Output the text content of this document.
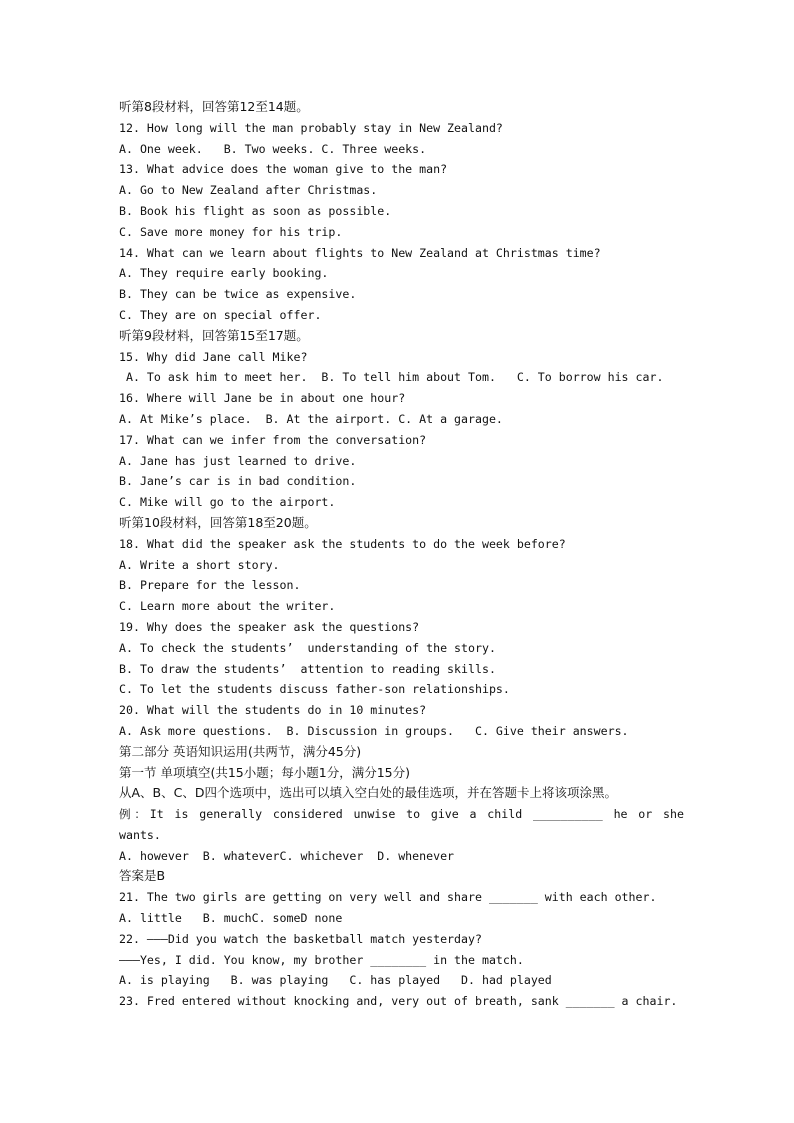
听第8段材料，回答第12至14题。
12. How long will the man probably stay in New Zealand?
A. One week.   B. Two weeks. C. Three weeks.
13. What advice does the woman give to the man?
A. Go to New Zealand after Christmas.
B. Book his flight as soon as possible.
C. Save more money for his trip.
14. What can we learn about flights to New Zealand at Christmas time?
A. They require early booking.
B. They can be twice as expensive.
C. They are on special offer.
听第9段材料，回答第15至17题。
15. Why did Jane call Mike?
A. To ask him to meet her.  B. To tell him about Tom.   C. To borrow his car.
16. Where will Jane be in about one hour?
A. At Mike’s place.  B. At the airport. C. At a garage.
17. What can we infer from the conversation?
A. Jane has just learned to drive.
B. Jane’s car is in bad condition.
C. Mike will go to the airport.
听第10段材料，回答第18至20题。
18. What did the speaker ask the students to do the week before?
A. Write a short story.
B. Prepare for the lesson.
C. Learn more about the writer.
19. Why does the speaker ask the questions?
A. To check the students’  understanding of the story.
B. To draw the students’  attention to reading skills.
C. To let the students discuss father-son relationships.
20. What will the students do in 10 minutes?
A. Ask more questions.  B. Discussion in groups.   C. Give their answers.
第二部分 英语知识运用(共两节，满分45分)
第一节 单项填空(共15小题；每小题1分，满分15分)
从A、B、C、D四个选项中，选出可以填入空白处的最佳选项，并在答题卡上将该项涂黑。
例：It is generally considered unwise to give a child __________ he or she
wants.
A. however  B. whateverC. whichever  D. whenever
答案是B
21. The two girls are getting on very well and share _______ with each other.
A. little   B. muchC. someD none
22. ———Did you watch the basketball match yesterday?
———Yes, I did. You know, my brother ________ in the match.
A. is playing   B. was playing   C. has played   D. had played
23. Fred entered without knocking and, very out of breath, sank _______ a chair.
